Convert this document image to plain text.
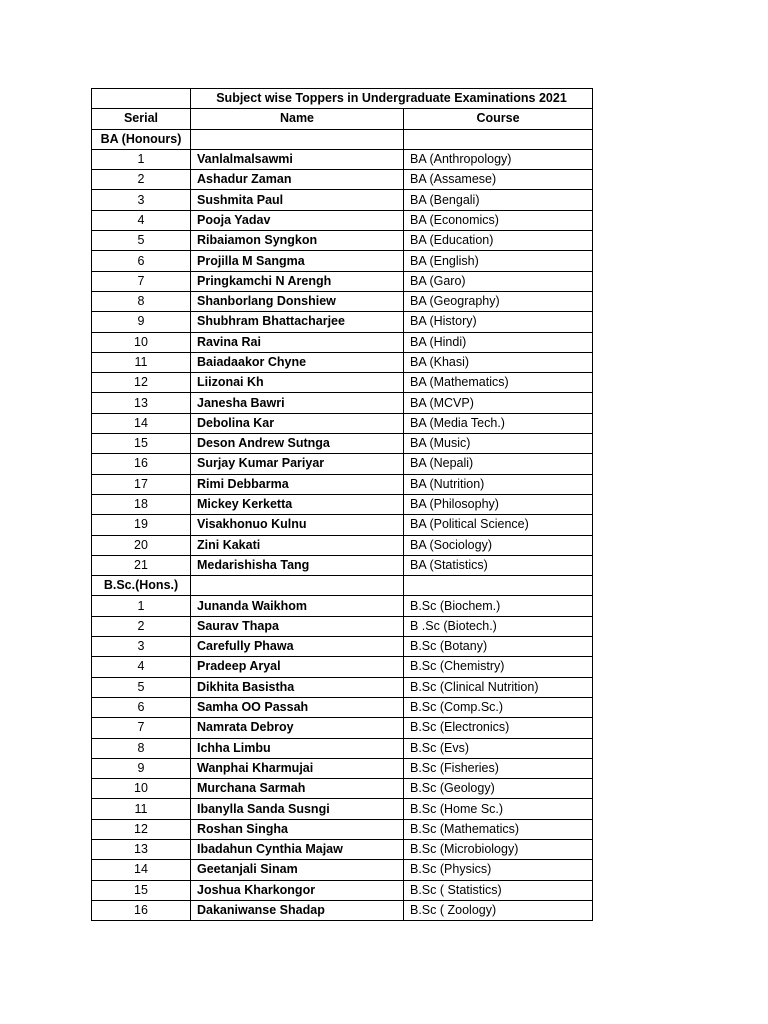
	Subject wise Toppers in Undergraduate Examinations 2021	
Serial	Name	Course
BA (Honours)		
1	Vanlalmalsawmi	BA (Anthropology)
2	Ashadur Zaman	BA (Assamese)
3	Sushmita Paul	BA (Bengali)
4	Pooja Yadav	BA (Economics)
5	Ribaiamon Syngkon	BA (Education)
6	Projilla M Sangma	BA (English)
7	Pringkamchi N Arengh	BA (Garo)
8	Shanborlang Donshiew	BA (Geography)
9	Shubhram Bhattacharjee	BA (History)
10	Ravina Rai	BA (Hindi)
11	Baiadaakor Chyne	BA (Khasi)
12	Liizonai Kh	BA (Mathematics)
13	Janesha Bawri	BA (MCVP)
14	Debolina Kar	BA (Media Tech.)
15	Deson Andrew Sutnga	BA (Music)
16	Surjay Kumar Pariyar	BA (Nepali)
17	Rimi Debbarma	BA (Nutrition)
18	Mickey Kerketta	BA (Philosophy)
19	Visakhonuo Kulnu	BA (Political Science)
20	Zini Kakati	BA (Sociology)
21	Medarishisha Tang	BA (Statistics)
B.Sc.(Hons.)		
1	Junanda Waikhom	B.Sc (Biochem.)
2	Saurav Thapa	B .Sc (Biotech.)
3	Carefully Phawa	B.Sc (Botany)
4	Pradeep Aryal	B.Sc (Chemistry)
5	Dikhita Basistha	B.Sc (Clinical Nutrition)
6	Samha OO Passah	B.Sc (Comp.Sc.)
7	Namrata Debroy	B.Sc (Electronics)
8	Ichha Limbu	B.Sc (Evs)
9	Wanphai Kharmujai	B.Sc (Fisheries)
10	Murchana Sarmah	B.Sc (Geology)
11	Ibanylla Sanda Susngi	B.Sc (Home Sc.)
12	Roshan Singha	B.Sc (Mathematics)
13	Ibadahun Cynthia Majaw	B.Sc (Microbiology)
14	Geetanjali Sinam	B.Sc (Physics)
15	Joshua Kharkongor	B.Sc ( Statistics)
16	Dakaniwanse Shadap	B.Sc ( Zoology)
